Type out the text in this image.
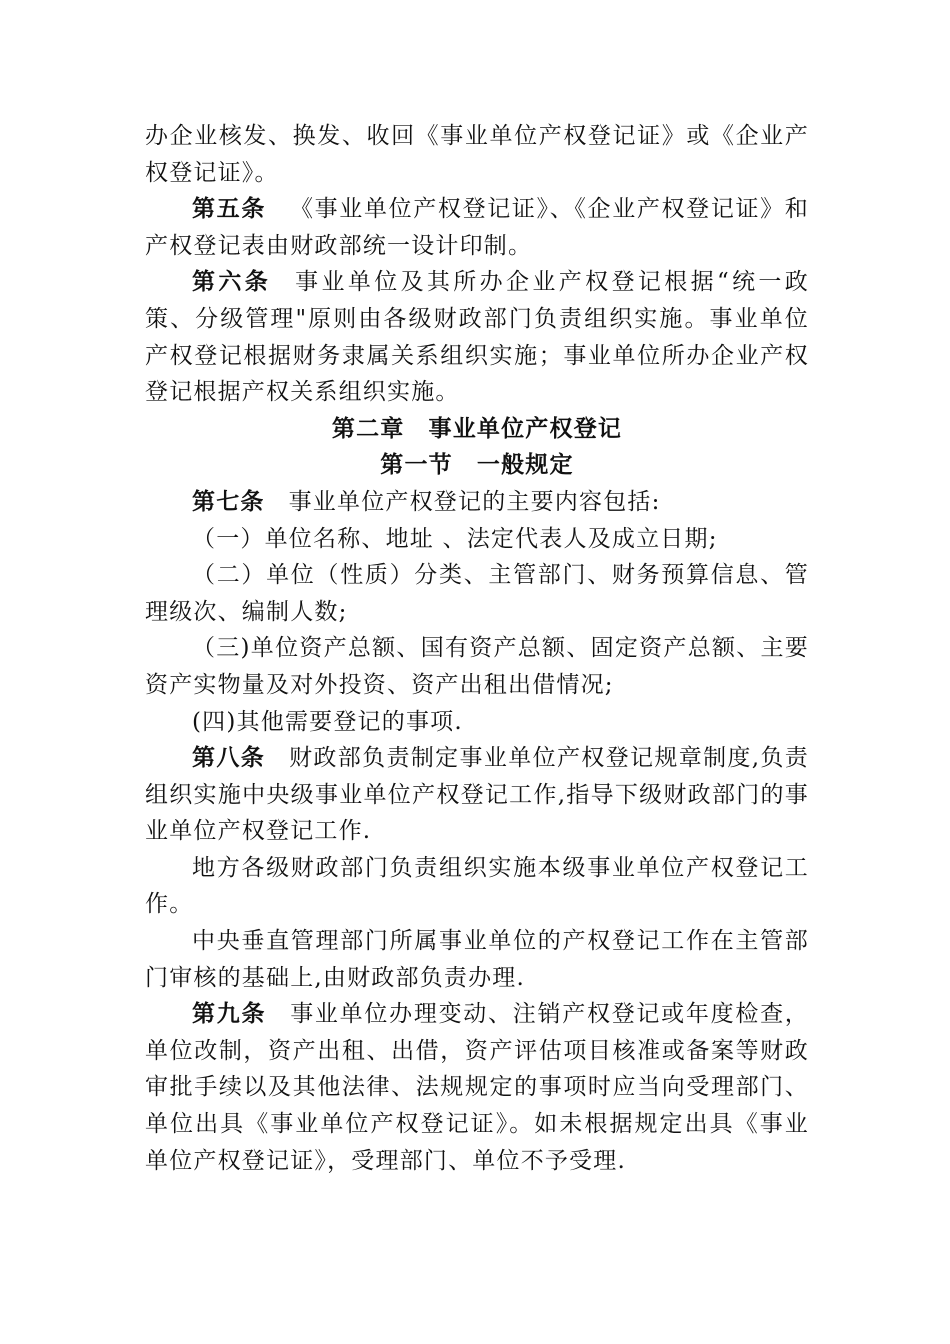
办企业核发、换发、收回《事业单位产权登记证》或《企业产权登记证》。

第五条 《事业单位产权登记证》、《企业产权登记证》和产权登记表由财政部统一设计印制。

第六条 事业单位及其所办企业产权登记根据“统一政策、分级管理"原则由各级财政部门负责组织实施。事业单位产权登记根据财务隶属关系组织实施；事业单位所办企业产权登记根据产权关系组织实施。

第二章 事业单位产权登记

第一节 一般规定

第七条 事业单位产权登记的主要内容包括:

（一）单位名称、地址 、法定代表人及成立日期;

（二）单位（性质）分类、主管部门、财务预算信息、管理级次、编制人数;

（三)单位资产总额、国有资产总额、固定资产总额、主要资产实物量及对外投资、资产出租出借情况;

(四)其他需要登记的事项.

第八条 财政部负责制定事业单位产权登记规章制度,负责组织实施中央级事业单位产权登记工作,指导下级财政部门的事业单位产权登记工作.

地方各级财政部门负责组织实施本级事业单位产权登记工作。

中央垂直管理部门所属事业单位的产权登记工作在主管部门审核的基础上,由财政部负责办理.

第九条 事业单位办理变动、注销产权登记或年度检查，单位改制，资产出租、出借，资产评估项目核准或备案等财政审批手续以及其他法律、法规规定的事项时应当向受理部门、单位出具《事业单位产权登记证》。如未根据规定出具《事业单位产权登记证》，受理部门、单位不予受理.
